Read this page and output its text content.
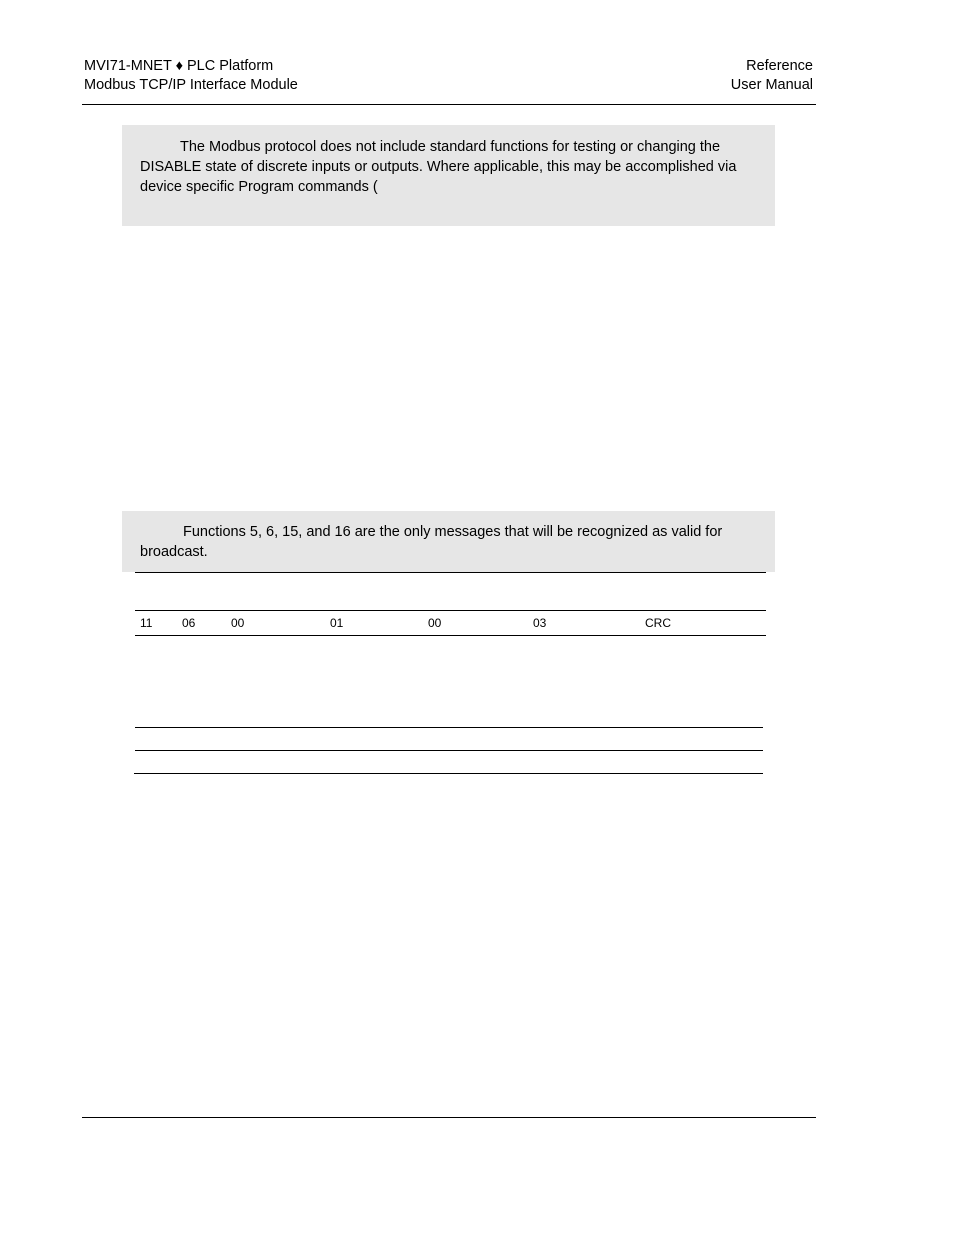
MVI71-MNET ♦ PLC Platform
Modbus TCP/IP Interface Module
Reference
User Manual
The Modbus protocol does not include standard functions for testing or changing the DISABLE state of discrete inputs or outputs. Where applicable, this may be accomplished via device specific Program commands (
Functions 5, 6, 15, and 16 are the only messages that will be recognized as valid for broadcast.
11 06	00	01	00	03	CRC
